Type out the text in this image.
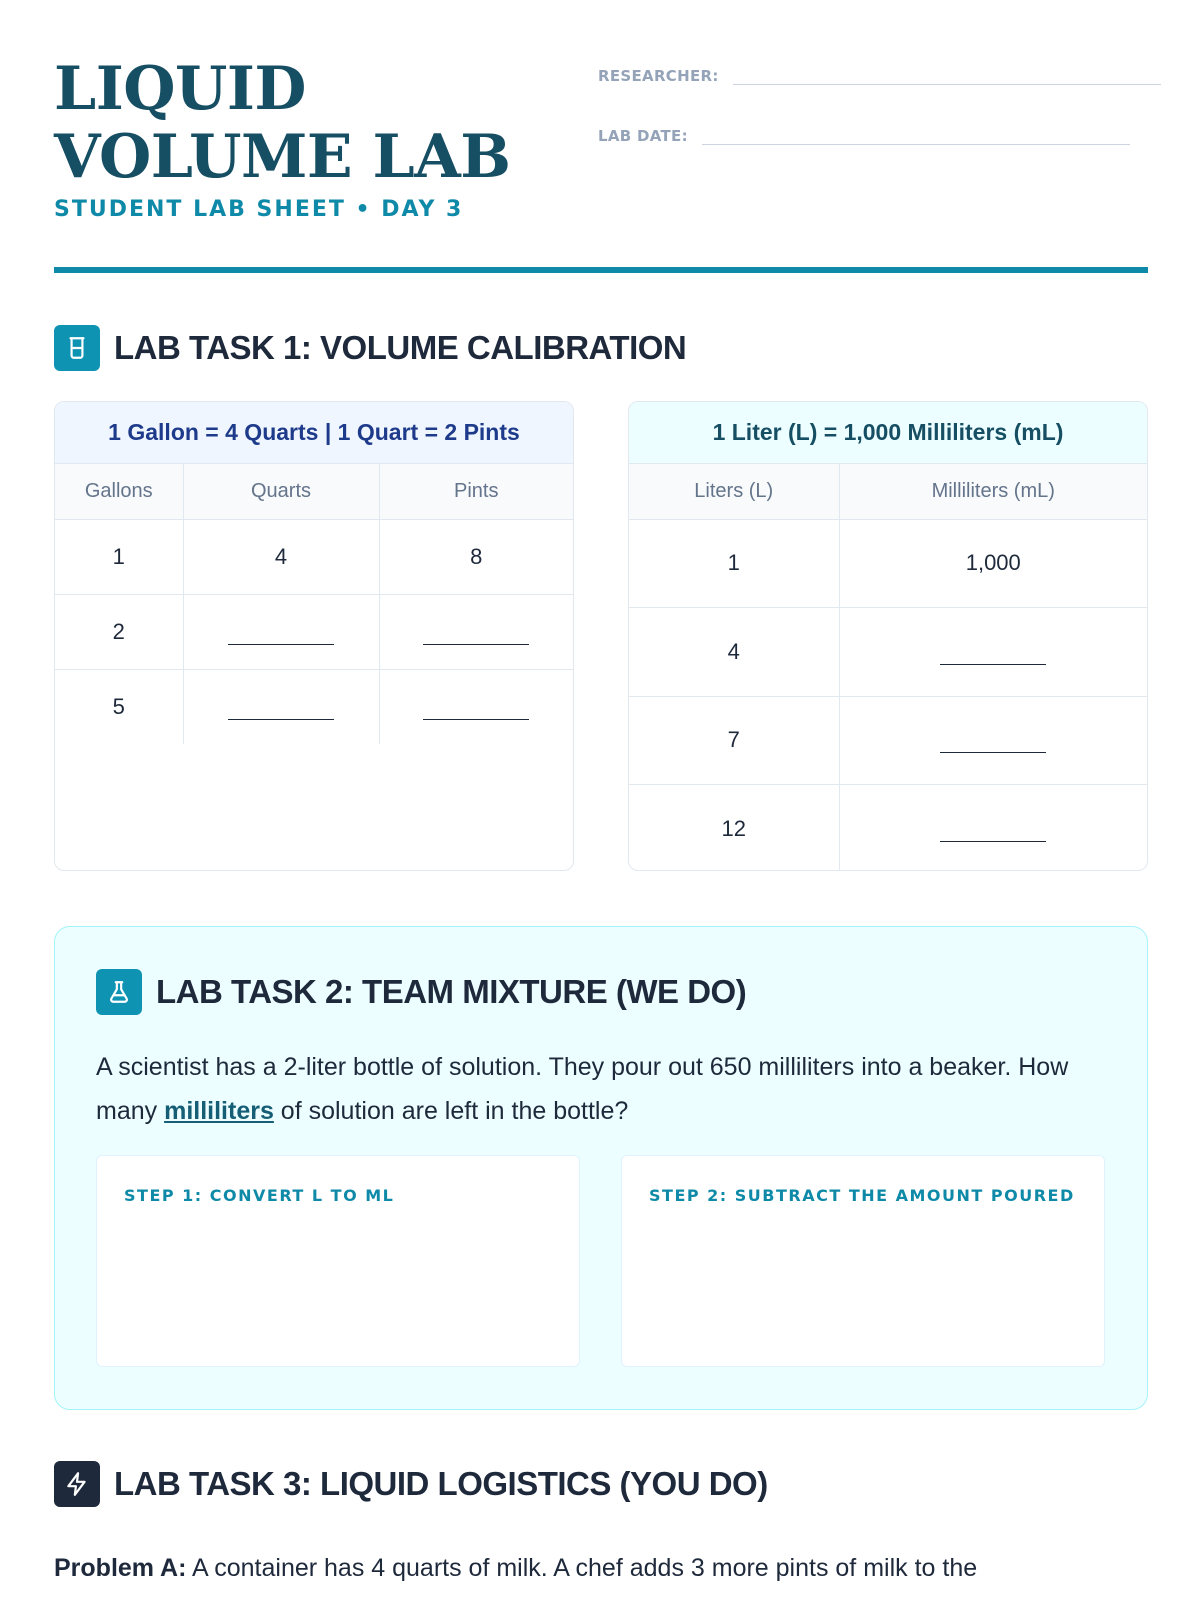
LIQUID VOLUME LAB
STUDENT LAB SHEET • DAY 3
RESEARCHER:
LAB DATE:
LAB TASK 1: VOLUME CALIBRATION
1 Gallon = 4 Quarts | 1 Quart = 2 Pints
Gallons	Quarts	Pints
1	4	8
2		
5		
1 Liter (L) = 1,000 Milliliters (mL)
Liters (L)	Milliliters (mL)
1	1,000
4	
7	
12	
LAB TASK 2: TEAM MIXTURE (WE DO)
A scientist has a 2-liter bottle of solution. They pour out 650 milliliters into a beaker. How many milliliters of solution are left in the bottle?
STEP 1: CONVERT L TO ML	STEP 2: SUBTRACT THE AMOUNT POURED
LAB TASK 3: LIQUID LOGISTICS (YOU DO)
Problem A: A container has 4 quarts of milk. A chef adds 3 more pints of milk to the
